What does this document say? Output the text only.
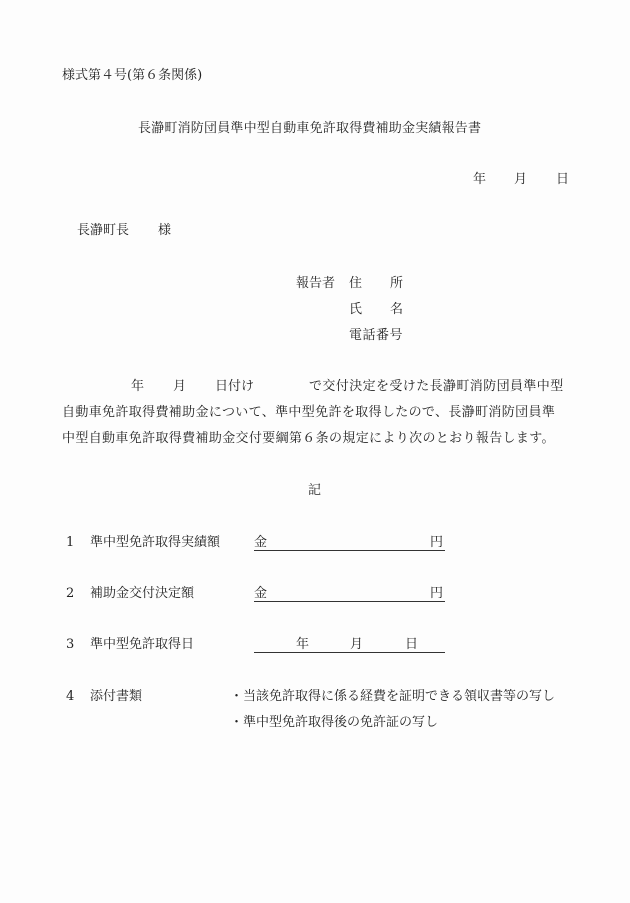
様式第４号(第６条関係)
長瀞町消防団員準中型自動車免許取得費補助金実績報告書
年 月 日
長瀞町長 様
報告者 住 所
氏 名
電話番号
年 月 日付け	で交付決定を受けた長瀞町消防団員準中型
自動車免許取得費補助金について、準中型免許を取得したので、長瀞町消防団員準
中型自動車免許取得費補助金交付要綱第６条の規定により次のとおり報告します。
記
1 準中型免許取得実績額	金	円
2 補助金交付決定額	金	円
3 準中型免許取得日	年	月	日
4 添付書類	・当該免許取得に係る経費を証明できる領収書等の写し
・準中型免許取得後の免許証の写し
